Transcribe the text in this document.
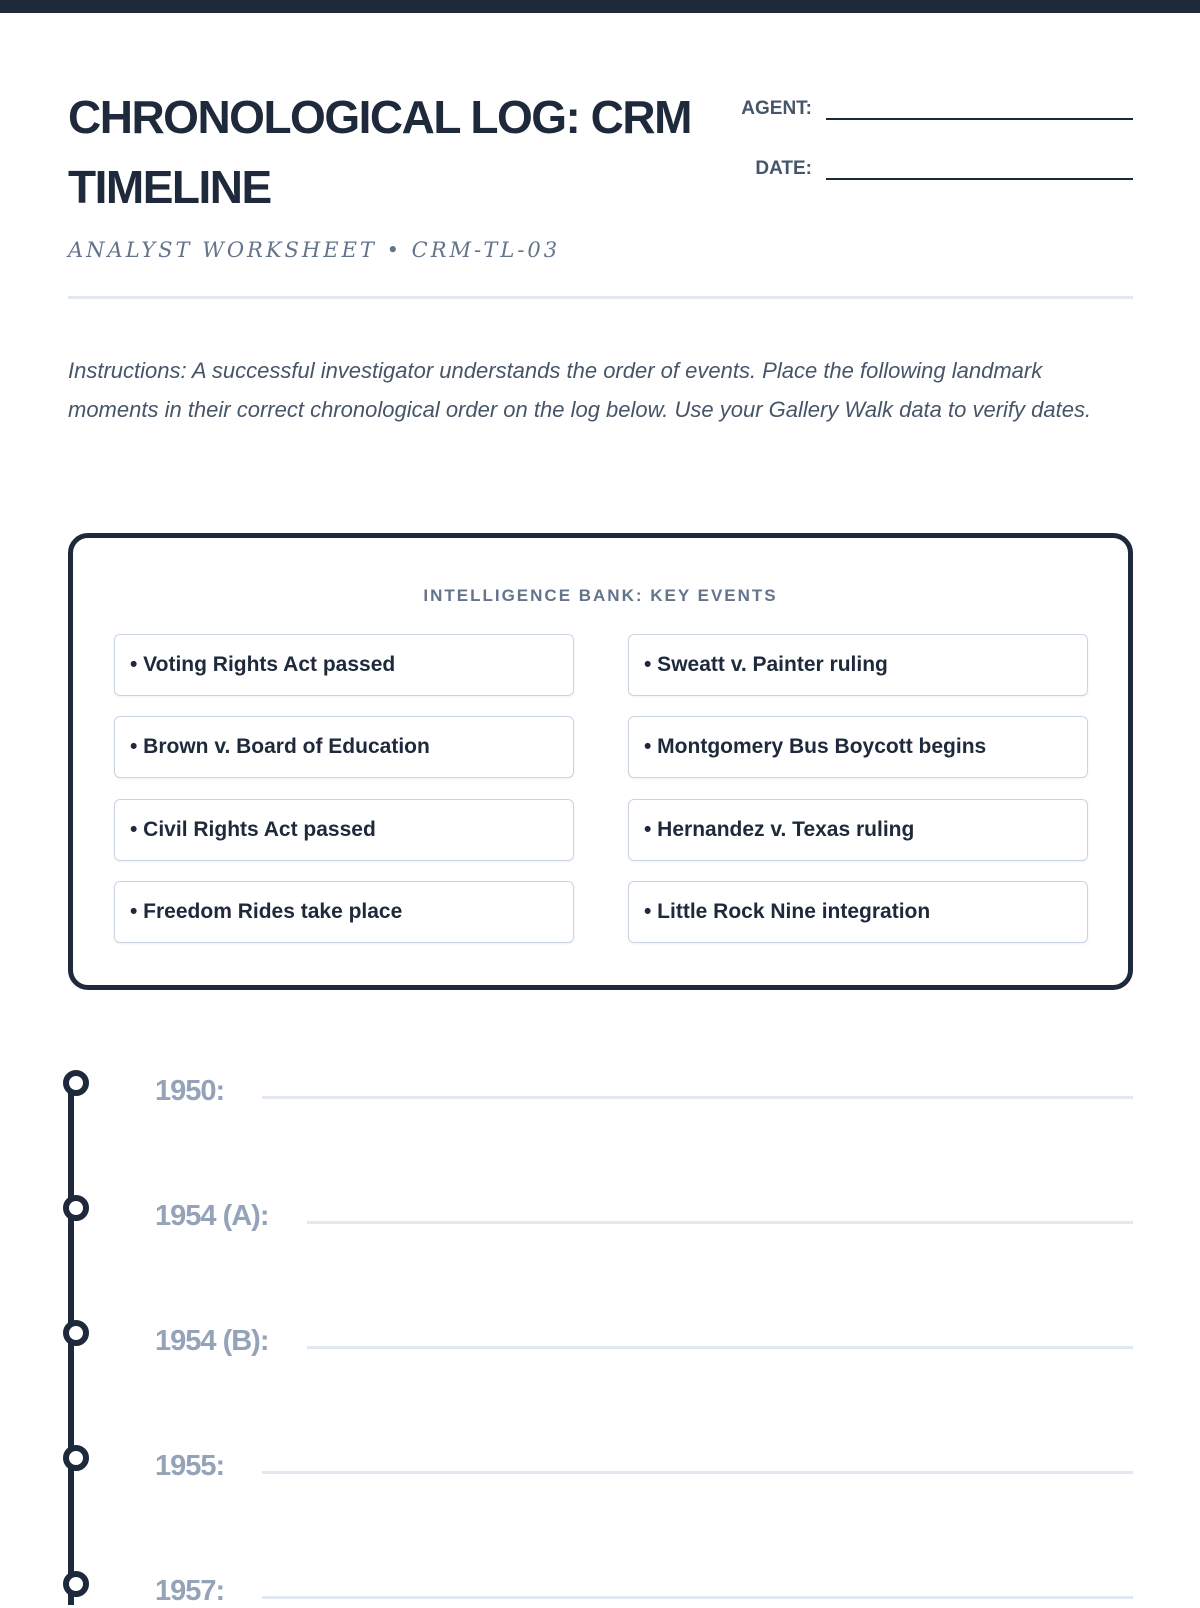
CHRONOLOGICAL LOG: CRM TIMELINE
AGENT:
DATE:
ANALYST WORKSHEET • CRM-TL-03

Instructions: A successful investigator understands the order of events. Place the following landmark moments in their correct chronological order on the log below. Use your Gallery Walk data to verify dates.

INTELLIGENCE BANK: KEY EVENTS
• Voting Rights Act passed	• Sweatt v. Painter ruling
• Brown v. Board of Education	• Montgomery Bus Boycott begins
• Civil Rights Act passed	• Hernandez v. Texas ruling
• Freedom Rides take place	• Little Rock Nine integration
1950:
1954 (A):
1954 (B):
1955:
1957:
